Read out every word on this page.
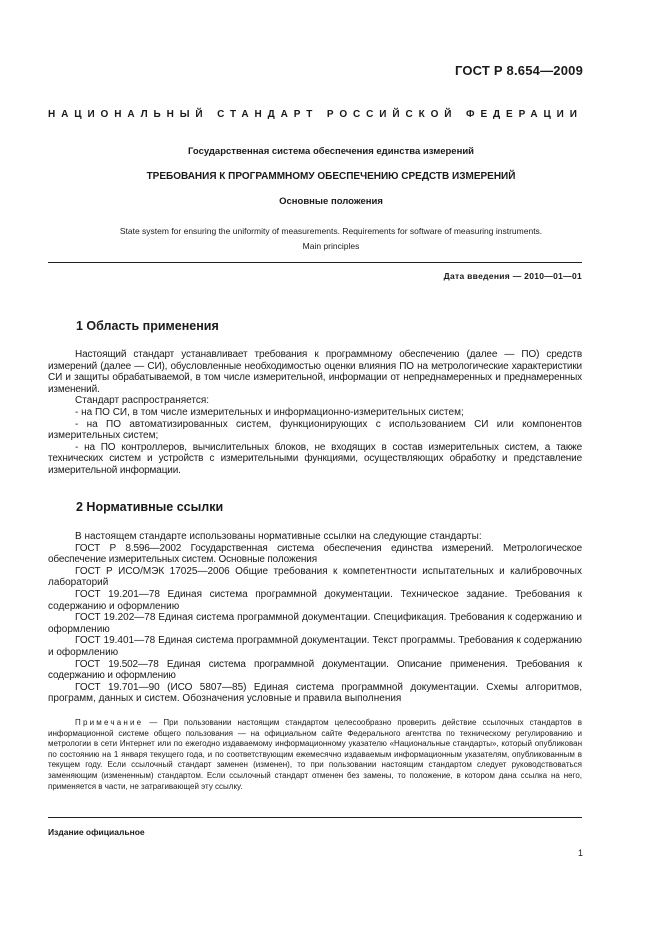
ГОСТ Р 8.654—2009
НАЦИОНАЛЬНЫЙ СТАНДАРТ РОССИЙСКОЙ ФЕДЕРАЦИИ
Государственная система обеспечения единства измерений
ТРЕБОВАНИЯ К ПРОГРАММНОМУ ОБЕСПЕЧЕНИЮ СРЕДСТВ ИЗМЕРЕНИЙ
Основные положения
State system for ensuring the uniformity of measurements. Requirements for software of measuring instruments.
Main principles
Дата введения — 2010—01—01
1 Область применения

Настоящий стандарт устанавливает требования к программному обеспечению (далее — ПО) средств измерений (далее — СИ), обусловленные необходимостью оценки влияния ПО на метрологические характеристики СИ и защиты обрабатываемой, в том числе измерительной, информации от непреднамеренных и преднамеренных изменений.

Стандарт распространяется:

- на ПО СИ, в том числе измерительных и информационно-измерительных систем;

- на ПО автоматизированных систем, функционирующих с использованием СИ или компонентов измерительных систем;

- на ПО контроллеров, вычислительных блоков, не входящих в состав измерительных систем, а также технических систем и устройств с измерительными функциями, осуществляющих обработку и представление измерительной информации.

2 Нормативные ссылки

В настоящем стандарте использованы нормативные ссылки на следующие стандарты:

ГОСТ Р 8.596—2002 Государственная система обеспечения единства измерений. Метрологическое обеспечение измерительных систем. Основные положения

ГОСТ Р ИСО/МЭК 17025—2006 Общие требования к компетентности испытательных и калибровочных лабораторий

ГОСТ 19.201—78 Единая система программной документации. Техническое задание. Требования к содержанию и оформлению

ГОСТ 19.202—78 Единая система программной документации. Спецификация. Требования к содержанию и оформлению

ГОСТ 19.401—78 Единая система программной документации. Текст программы. Требования к содержанию и оформлению

ГОСТ 19.502—78 Единая система программной документации. Описание применения. Требования к содержанию и оформлению

ГОСТ 19.701—90 (ИСО 5807—85) Единая система программной документации. Схемы алгоритмов, программ, данных и систем. Обозначения условные и правила выполнения

Примечание — При пользовании настоящим стандартом целесообразно проверить действие ссылочных стандартов в информационной системе общего пользования — на официальном сайте Федерального агентства по техническому регулированию и метрологии в сети Интернет или по ежегодно издаваемому информационному указателю «Национальные стандарты», который опубликован по состоянию на 1 января текущего года, и по соответствующим ежемесячно издаваемым информационным указателям, опубликованным в текущем году. Если ссылочный стандарт заменен (изменен), то при пользовании настоящим стандартом следует руководствоваться заменяющим (измененным) стандартом. Если ссылочный стандарт отменен без замены, то положение, в котором дана ссылка на него, применяется в части, не затрагивающей эту ссылку.

Издание официальное
1
